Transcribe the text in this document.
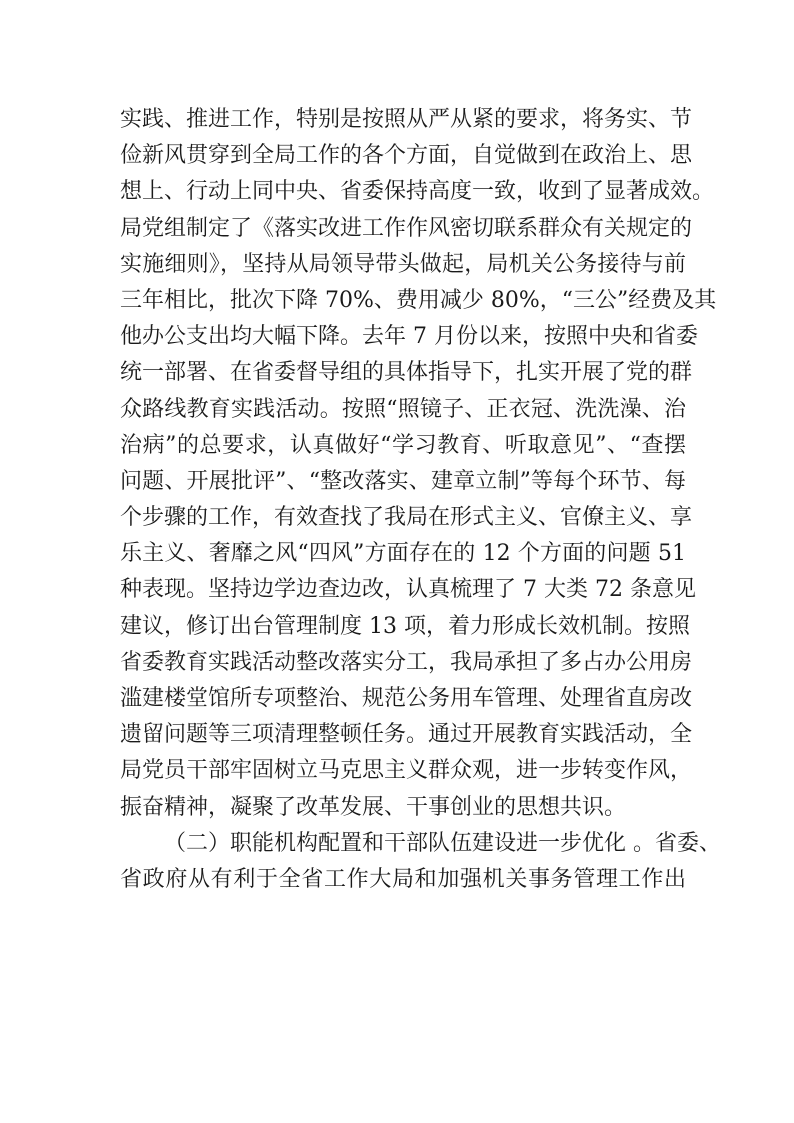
实践、推进工作，特别是按照从严从紧的要求，将务实、节
俭新风贯穿到全局工作的各个方面，自觉做到在政治上、思
想上、行动上同中央、省委保持高度一致，收到了显著成效。
局党组制定了《落实改进工作作风密切联系群众有关规定的
实施细则》，坚持从局领导带头做起，局机关公务接待与前
三年相比，批次下降 70%、费用减少 80%，“三公”经费及其
他办公支出均大幅下降。去年 7 月份以来，按照中央和省委
统一部署、在省委督导组的具体指导下，扎实开展了党的群
众路线教育实践活动。按照“照镜子、正衣冠、洗洗澡、治
治病”的总要求，认真做好“学习教育、听取意见”、“查摆
问题、开展批评”、“整改落实、建章立制”等每个环节、每
个步骤的工作，有效查找了我局在形式主义、官僚主义、享
乐主义、奢靡之风“四风”方面存在的 12 个方面的问题 51
种表现。坚持边学边查边改，认真梳理了 7 大类 72 条意见
建议，修订出台管理制度 13 项，着力形成长效机制。按照
省委教育实践活动整改落实分工，我局承担了多占办公用房
滥建楼堂馆所专项整治、规范公务用车管理、处理省直房改
遗留问题等三项清理整顿任务。通过开展教育实践活动，全
局党员干部牢固树立马克思主义群众观，进一步转变作风，
振奋精神，凝聚了改革发展、干事创业的思想共识。
（二）职能机构配置和干部队伍建设进一步优化 。省委、
省政府从有利于全省工作大局和加强机关事务管理工作出
